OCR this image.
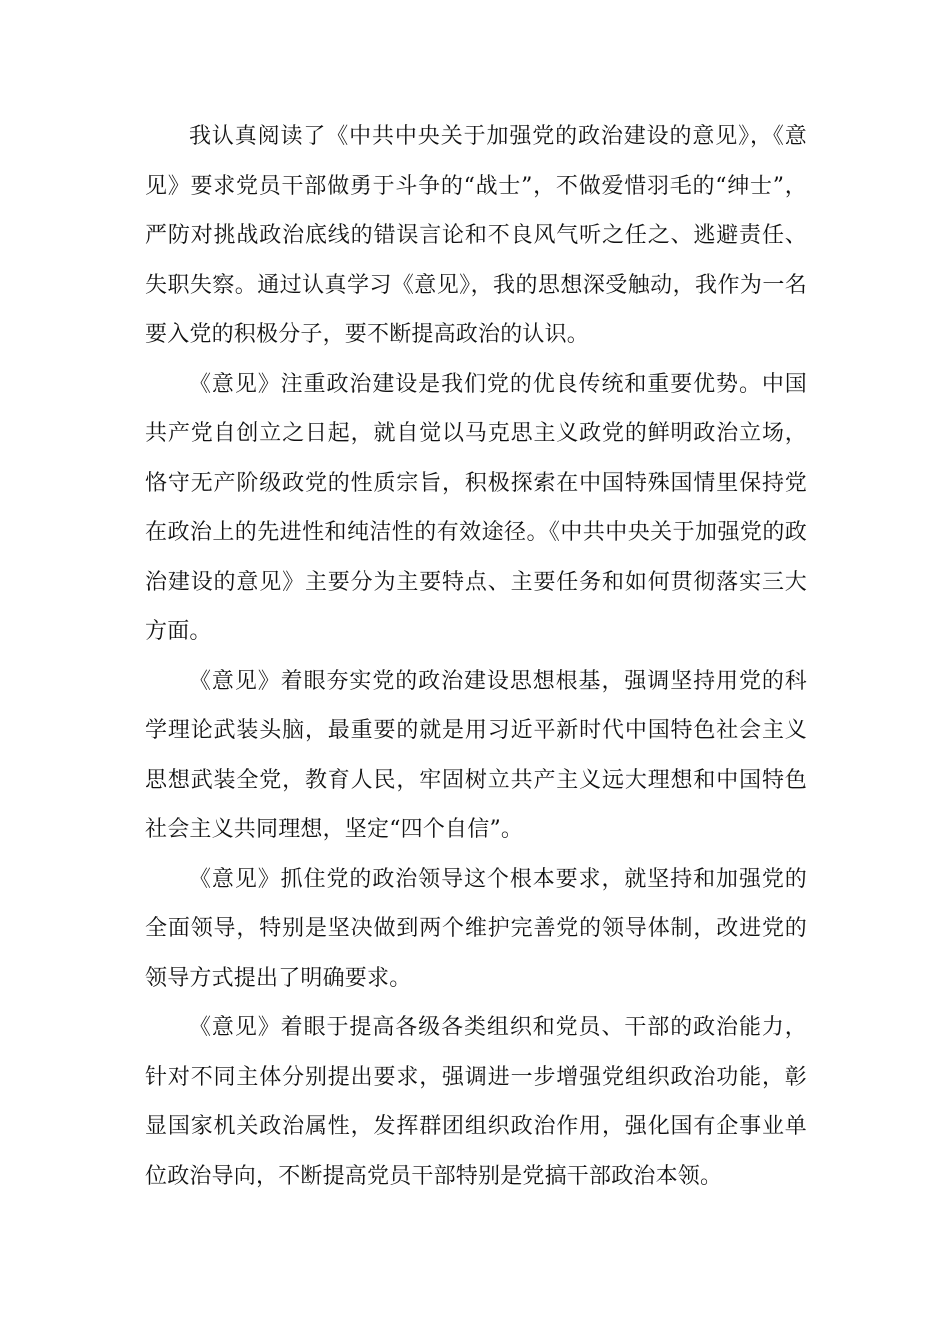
我认真阅读了《中共中央关于加强党的政治建设的意见》，《意见》要求党员干部做勇于斗争的“战士”，不做爱惜羽毛的“绅士”，严防对挑战政治底线的错误言论和不良风气听之任之、逃避责任、失职失察。通过认真学习《意见》，我的思想深受触动，我作为一名要入党的积极分子，要不断提高政治的认识。

《意见》注重政治建设是我们党的优良传统和重要优势。中国共产党自创立之日起，就自觉以马克思主义政党的鲜明政治立场，恪守无产阶级政党的性质宗旨，积极探索在中国特殊国情里保持党在政治上的先进性和纯洁性的有效途径。《中共中央关于加强党的政治建设的意见》主要分为主要特点、主要任务和如何贯彻落实三大方面。

《意见》着眼夯实党的政治建设思想根基，强调坚持用党的科学理论武装头脑，最重要的就是用习近平新时代中国特色社会主义思想武装全党，教育人民，牢固树立共产主义远大理想和中国特色社会主义共同理想，坚定“四个自信”。

《意见》抓住党的政治领导这个根本要求，就坚持和加强党的全面领导，特别是坚决做到两个维护完善党的领导体制，改进党的领导方式提出了明确要求。

《意见》着眼于提高各级各类组织和党员、干部的政治能力，针对不同主体分别提出要求，强调进一步增强党组织政治功能，彰显国家机关政治属性，发挥群团组织政治作用，强化国有企事业单位政治导向，不断提高党员干部特别是党搞干部政治本领。
